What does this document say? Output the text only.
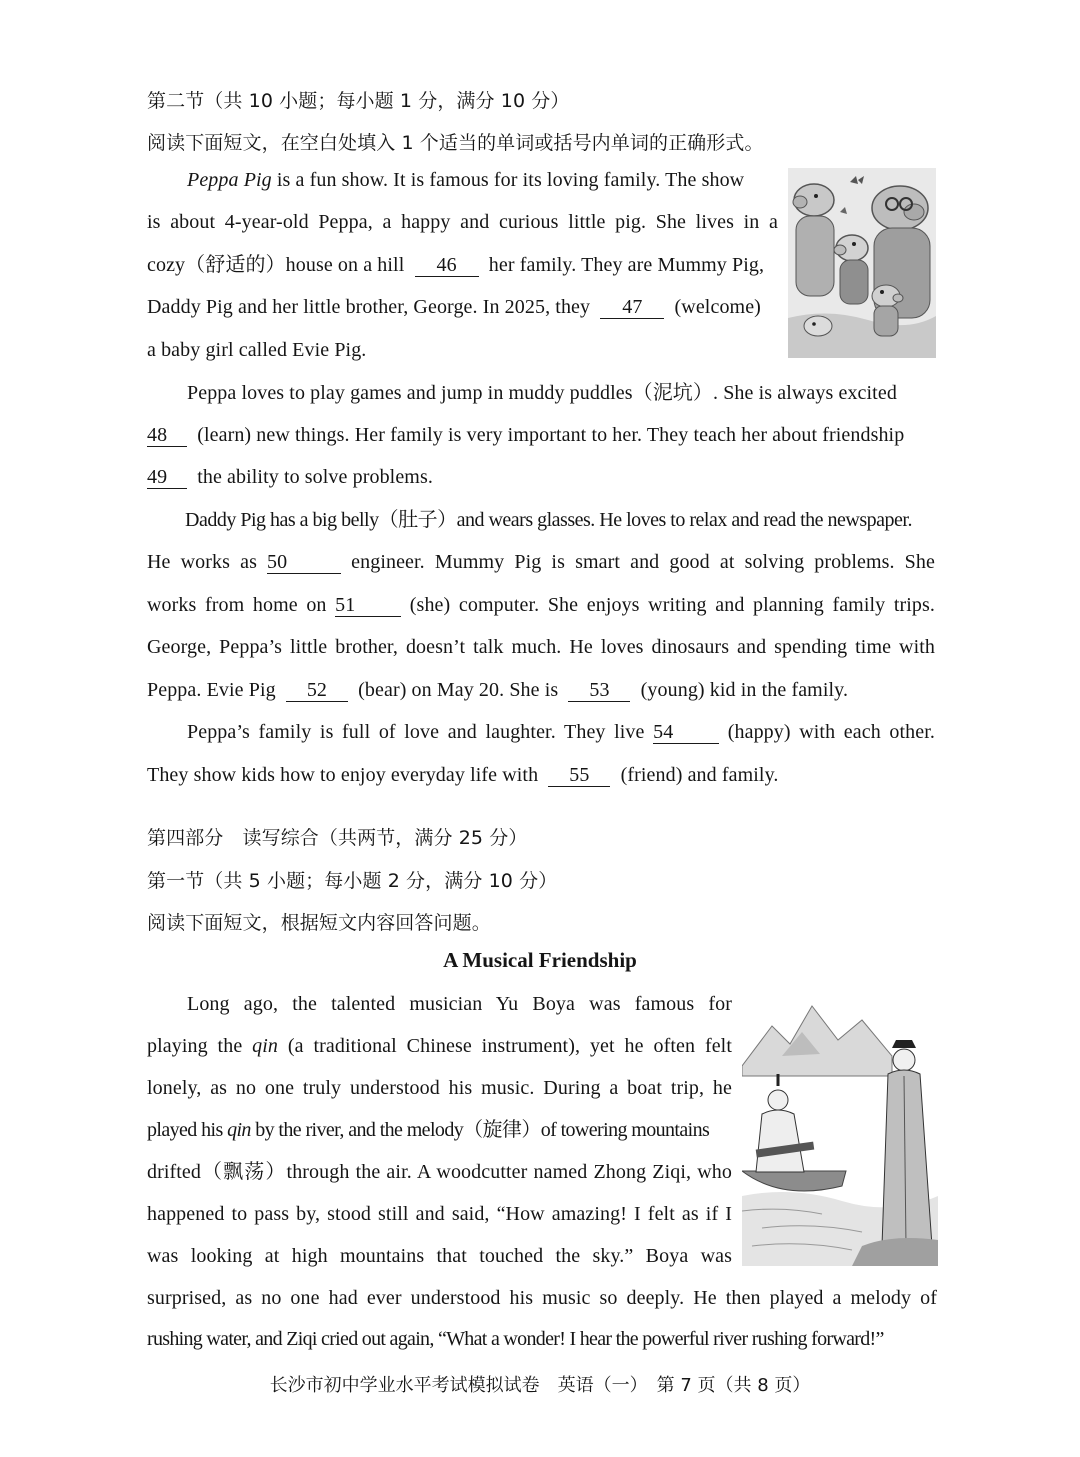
第二节（共 10 小题；每小题 1 分，满分 10 分）
阅读下面短文，在空白处填入 1 个适当的单词或括号内单词的正确形式。
Peppa Pig is a fun show. It is famous for its loving family. The show
is about 4-year-old Peppa, a happy and curious little pig. She lives in a
cozy（舒适的）house on a hill 46 her family. They are Mummy Pig,
Daddy Pig and her little brother, George. In 2025, they 47 (welcome)
a baby girl called Evie Pig.
Peppa loves to play games and jump in muddy puddles（泥坑）. She is always excited
48 (learn) new things. Her family is very important to her. They teach her about friendship
49 the ability to solve problems.
Daddy Pig has a big belly（肚子）and wears glasses. He loves to relax and read the newspaper.
He works as 50	engineer. Mummy Pig is smart and good at solving problems. She
works from home on 51	(she) computer. She enjoys writing and planning family trips.
George, Peppa’s little brother, doesn’t talk much. He loves dinosaurs and spending time with
Peppa. Evie Pig 52 (bear) on May 20. She is 53 (young) kid in the family.
Peppa’s family is full of love and laughter. They live 54	(happy) with each other.
They show kids how to enjoy everyday life with 55 (friend) and family.
第四部分　读写综合（共两节，满分 25 分）
第一节（共 5 小题；每小题 2 分，满分 10 分）
阅读下面短文，根据短文内容回答问题。
A Musical Friendship
Long ago, the talented musician Yu Boya was famous for
playing the qin (a traditional Chinese instrument), yet he often felt
lonely, as no one truly understood his music. During a boat trip, he
played his qin by the river, and the melody（旋律）of towering mountains
drifted（飘荡）through the air. A woodcutter named Zhong Ziqi, who
happened to pass by, stood still and said, “How amazing! I felt as if I
was looking at high mountains that touched the sky.” Boya was
surprised, as no one had ever understood his music so deeply. He then played a melody of
rushing water, and Ziqi cried out again, “What a wonder! I hear the powerful river rushing forward!”
长沙市初中学业水平考试模拟试卷　英语（一）　第 7 页（共 8 页）
